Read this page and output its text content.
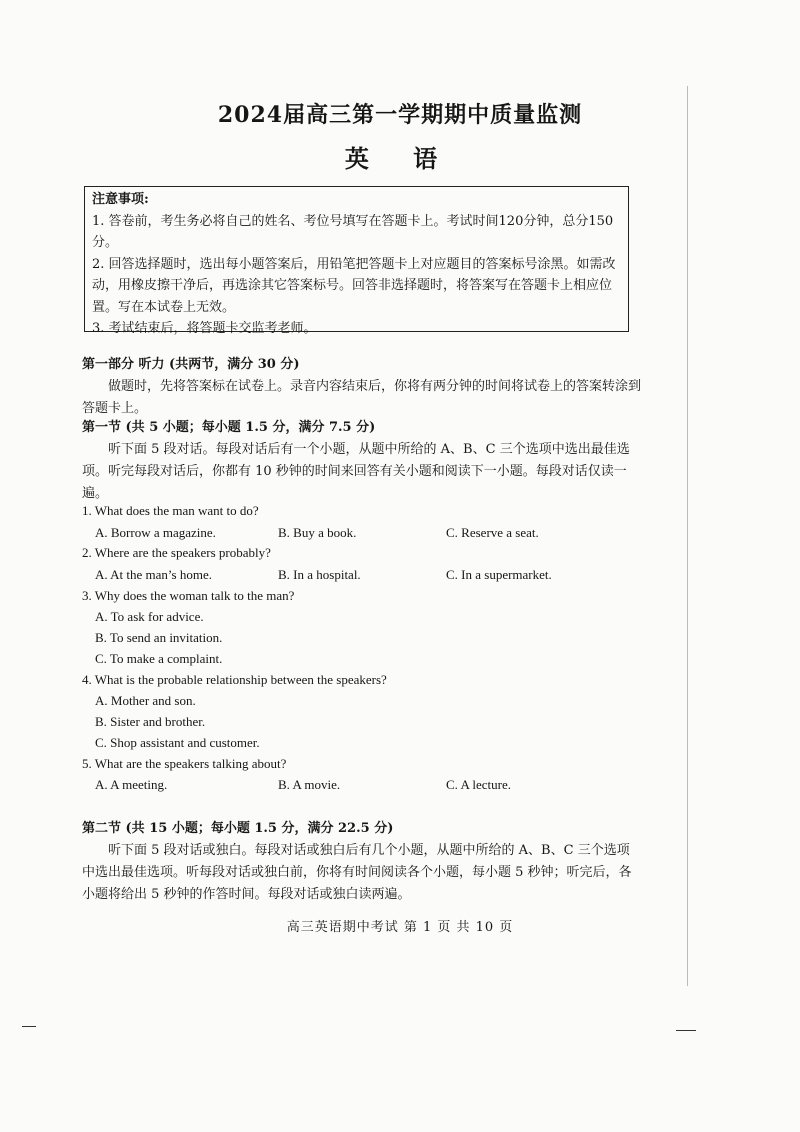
2024届高三第一学期期中质量监测
英 语
注意事项:

1. 答卷前，考生务必将自己的姓名、考位号填写在答题卡上。考试时间120分钟，总分150分。

2. 回答选择题时，选出每小题答案后，用铅笔把答题卡上对应题目的答案标号涂黑。如需改动，用橡皮擦干净后，再选涂其它答案标号。回答非选择题时，将答案写在答题卡上相应位置。写在本试卷上无效。

3. 考试结束后，将答题卡交监考老师。

第一部分 听力 (共两节，满分 30 分)

做题时，先将答案标在试卷上。录音内容结束后，你将有两分钟的时间将试卷上的答案转涂到答题卡上。

第一节 (共 5 小题；每小题 1.5 分，满分 7.5 分)

听下面 5 段对话。每段对话后有一个小题，从题中所给的 A、B、C 三个选项中选出最佳选项。听完每段对话后，你都有 10 秒钟的时间来回答有关小题和阅读下一小题。每段对话仅读一遍。

1. What does the man want to do?
A. Borrow a magazine.	B. Buy a book.	C. Reserve a seat.
2. Where are the speakers probably?
A. At the man’s home.	B. In a hospital.	C. In a supermarket.
3. Why does the woman talk to the man?
A. To ask for advice.
B. To send an invitation.
C. To make a complaint.
4. What is the probable relationship between the speakers?
A. Mother and son.
B. Sister and brother.
C. Shop assistant and customer.
5. What are the speakers talking about?
A. A meeting.	B. A movie.	C. A lecture.
第二节 (共 15 小题；每小题 1.5 分，满分 22.5 分)

听下面 5 段对话或独白。每段对话或独白后有几个小题，从题中所给的 A、B、C 三个选项中选出最佳选项。听每段对话或独白前，你将有时间阅读各个小题，每小题 5 秒钟；听完后，各小题将给出 5 秒钟的作答时间。每段对话或独白读两遍。

高三英语期中考试 第 1 页 共 10 页
